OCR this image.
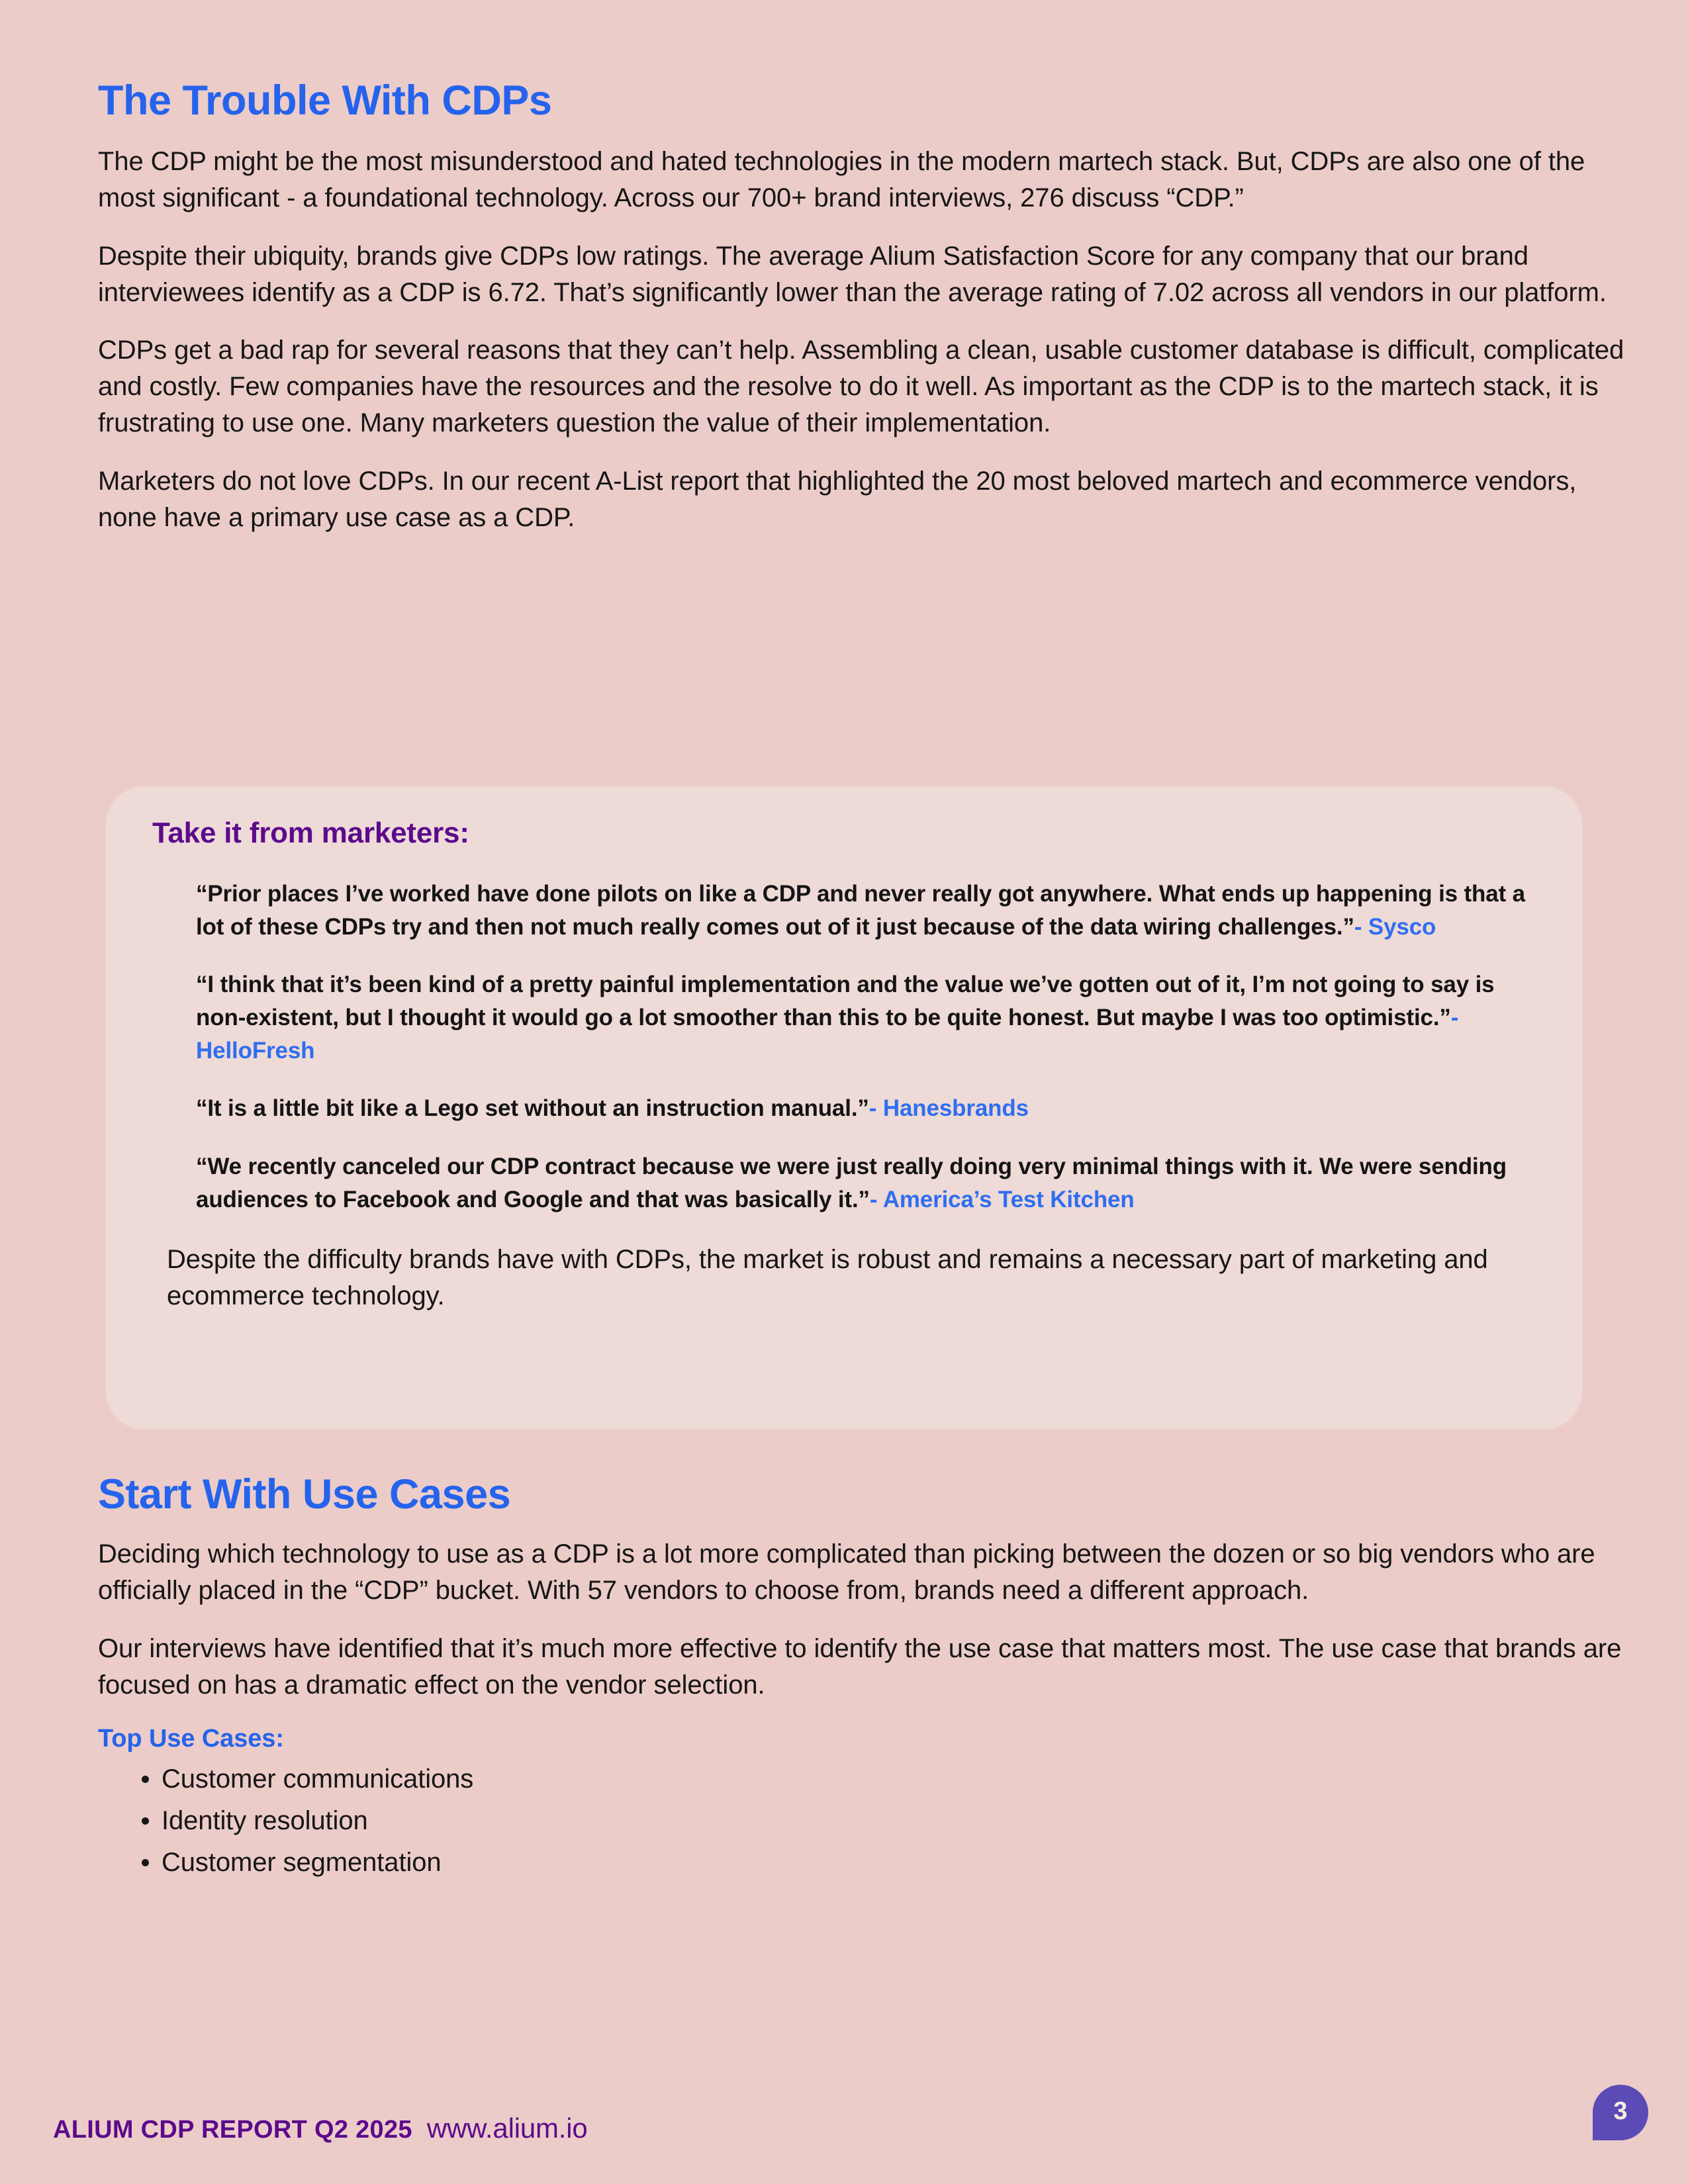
The Trouble With CDPs

The CDP might be the most misunderstood and hated technologies in the modern martech stack. But, CDPs are also one of the most significant - a foundational technology. Across our 700+ brand interviews, 276 discuss “CDP.”

Despite their ubiquity, brands give CDPs low ratings. The average Alium Satisfaction Score for any company that our brand interviewees identify as a CDP is 6.72. That’s significantly lower than the average rating of 7.02 across all vendors in our platform.

CDPs get a bad rap for several reasons that they can’t help. Assembling a clean, usable customer database is difficult, complicated and costly. Few companies have the resources and the resolve to do it well. As important as the CDP is to the martech stack, it is frustrating to use one. Many marketers question the value of their implementation.

Marketers do not love CDPs. In our recent A-List report that highlighted the 20 most beloved martech and ecommerce vendors, none have a primary use case as a CDP.

Take it from marketers:

“Prior places I’ve worked have done pilots on like a CDP and never really got anywhere. What ends up happening is that a lot of these CDPs try and then not much really comes out of it just because of the data wiring challenges.”- Sysco

“I think that it’s been kind of a pretty painful implementation and the value we’ve gotten out of it, I’m not going to say is non-existent, but I thought it would go a lot smoother than this to be quite honest. But maybe I was too optimistic.”- HelloFresh

“It is a little bit like a Lego set without an instruction manual.”- Hanesbrands

“We recently canceled our CDP contract because we were just really doing very minimal things with it. We were sending audiences to Facebook and Google and that was basically it.”- America’s Test Kitchen

Despite the difficulty brands have with CDPs, the market is robust and remains a necessary part of marketing and ecommerce technology.

Start With Use Cases

Deciding which technology to use as a CDP is a lot more complicated than picking between the dozen or so big vendors who are officially placed in the “CDP” bucket. With 57 vendors to choose from, brands need a different approach.

Our interviews have identified that it’s much more effective to identify the use case that matters most. The use case that brands are focused on has a dramatic effect on the vendor selection.

Top Use Cases:

Customer communications
Identity resolution
Customer segmentation
ALIUM CDP REPORT Q2 2025 www.alium.io
3
